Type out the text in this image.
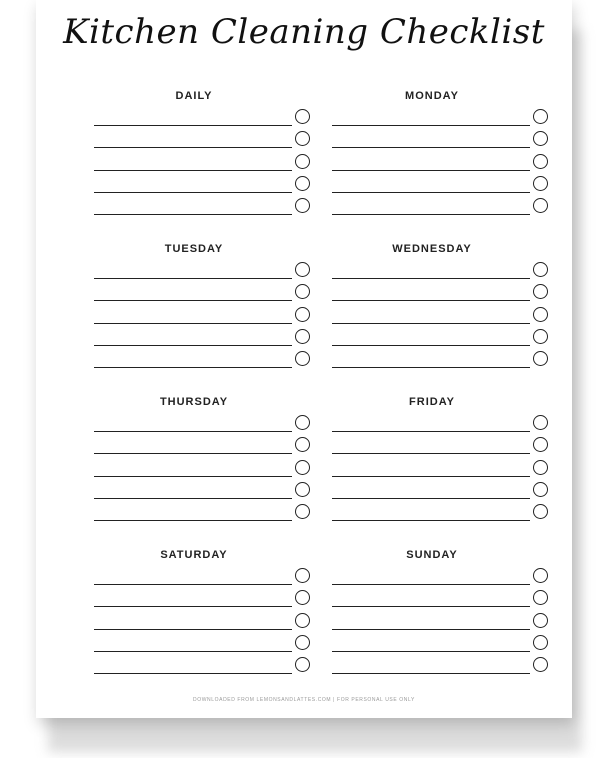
Kitchen Cleaning Checklist
DAILY	MONDAY
TUESDAY	WEDNESDAY
THURSDAY	FRIDAY
SATURDAY	SUNDAY

DOWNLOADED FROM LEMONSANDLATTES.COM | FOR PERSONAL USE ONLY
